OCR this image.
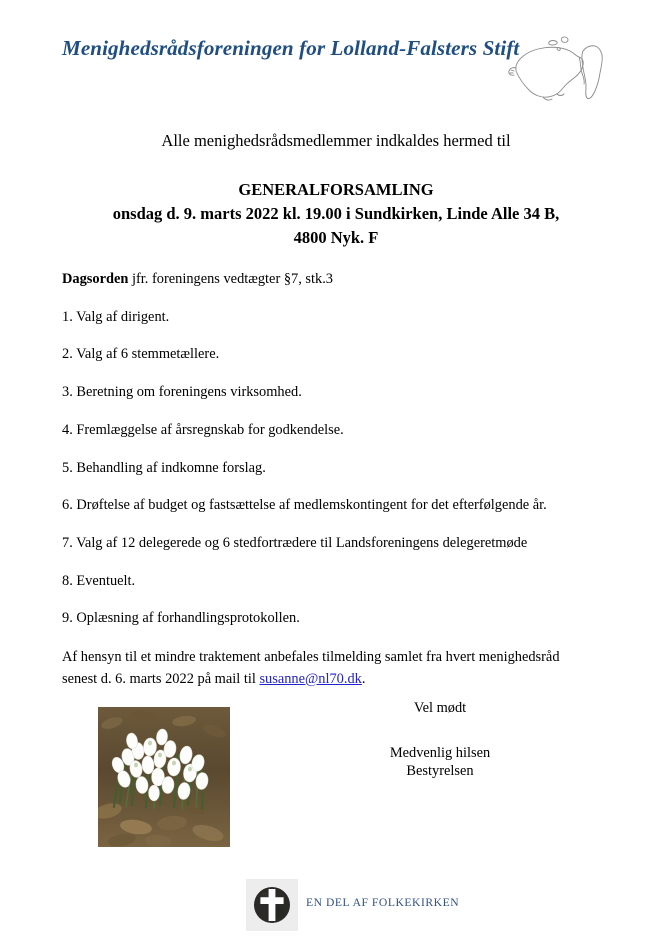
Menighedsrådsforeningen for Lolland-Falsters Stift
Alle menighedsrådsmedlemmer indkaldes hermed til
GENERALFORSAMLING
onsdag d. 9. marts 2022 kl. 19.00 i Sundkirken, Linde Alle 34 B,
4800 Nyk. F
Dagsorden jfr. foreningens vedtægter §7, stk.3
1. Valg af dirigent.
2. Valg af 6 stemmetællere.
3. Beretning om foreningens virksomhed.
4. Fremlæggelse af årsregnskab for godkendelse.
5. Behandling af indkomne forslag.
6. Drøftelse af budget og fastsættelse af medlemskontingent for det efterfølgende år.
7. Valg af 12 delegerede og 6 stedfortrædere til Landsforeningens delegeretmøde
8. Eventuelt.
9. Oplæsning af forhandlingsprotokollen.

Af hensyn til et mindre traktement anbefales tilmelding samlet fra hvert menighedsråd senest d. 6. marts 2022 på mail til susanne@nl70.dk.

Vel mødt
Medvenlig hilsen
Bestyrelsen
EN DEL AF FOLKEKIRKEN
